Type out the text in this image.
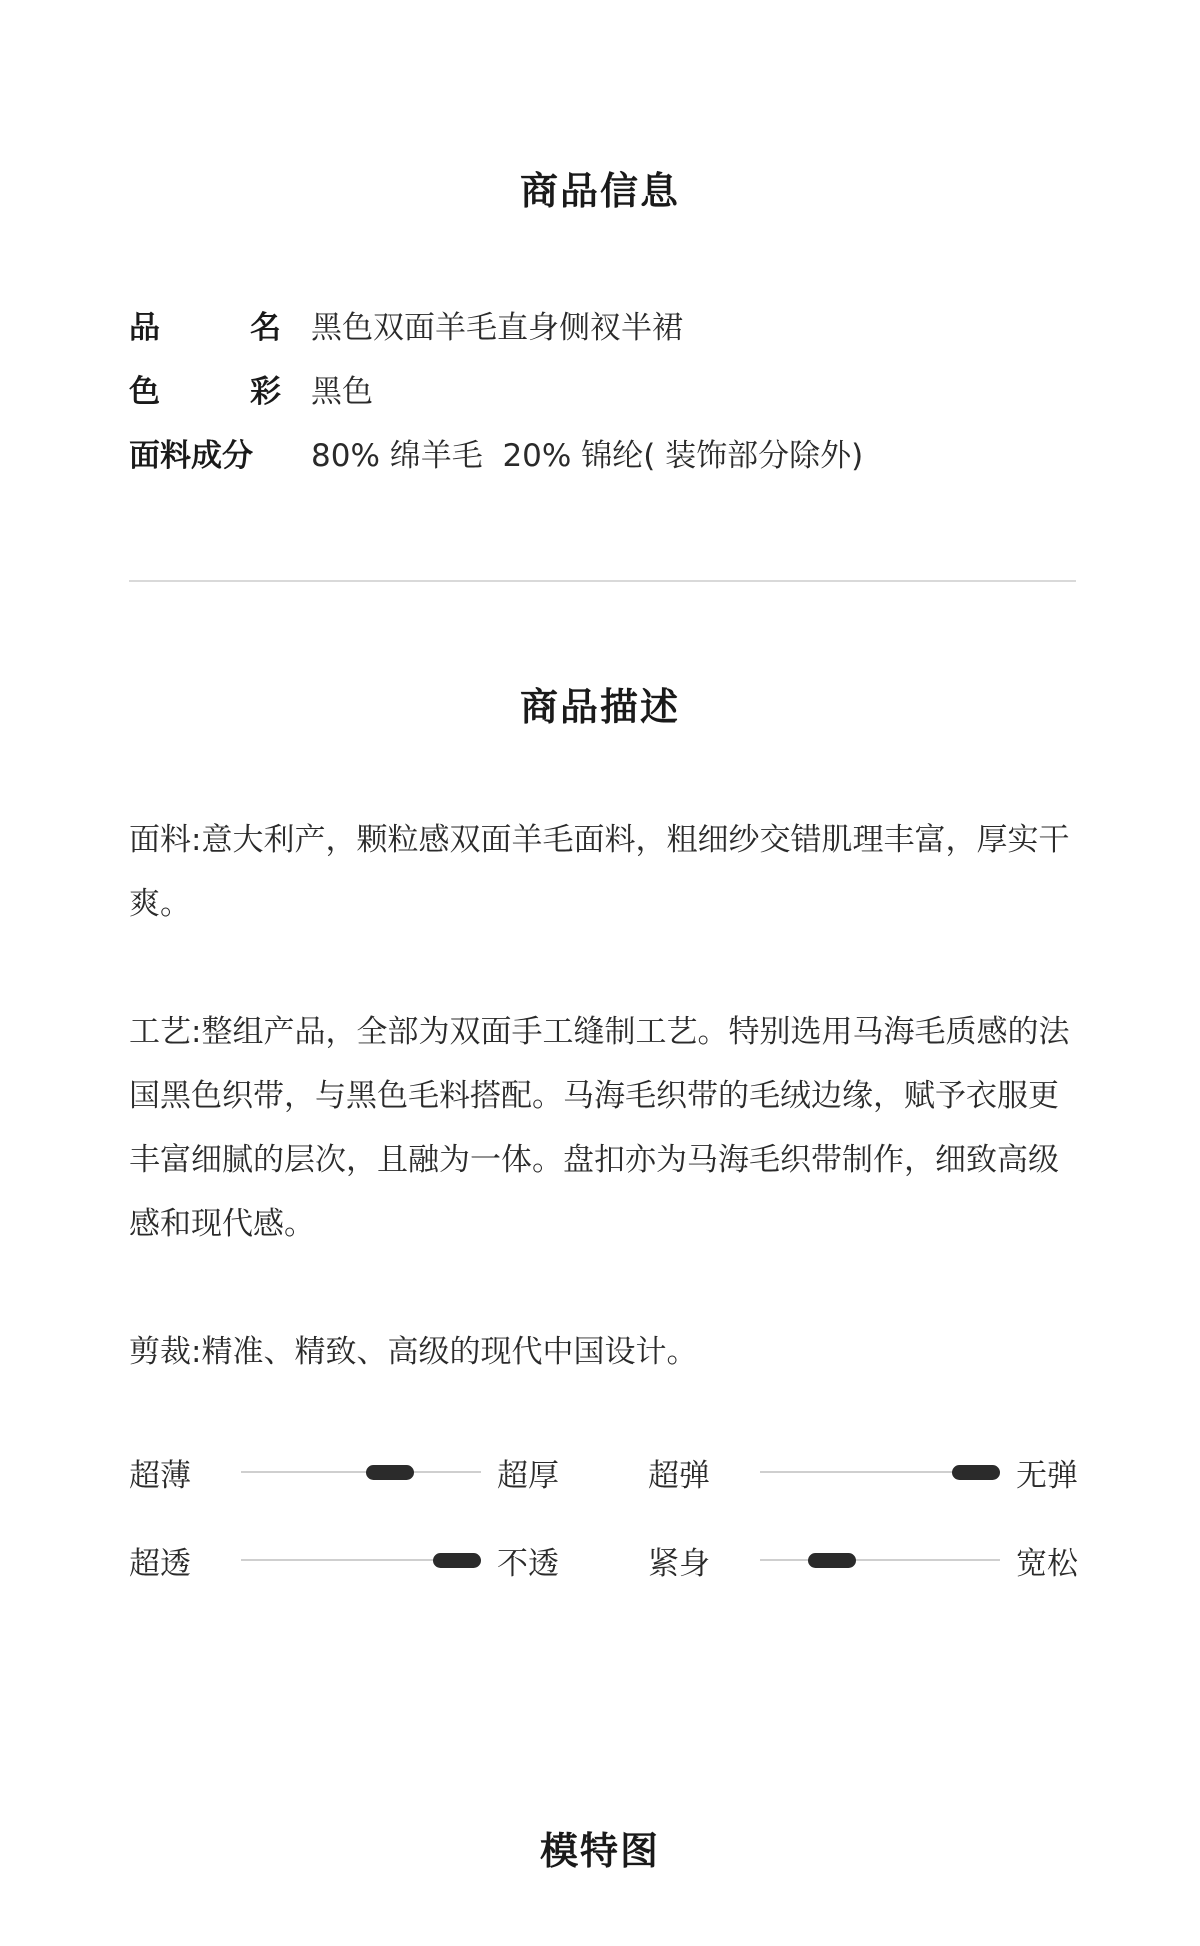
商品信息
品	名 黑色双面羊毛直身侧衩半裙
色	彩 黑色
面料成分	80% 绵羊毛  20% 锦纶( 装饰部分除外)
商品描述
面料:意大利产，颗粒感双面羊毛面料，粗细纱交错肌理丰富，厚实干爽。
工艺:整组产品，全部为双面手工缝制工艺。特别选用马海毛质感的法国黑色织带，与黑色毛料搭配。马海毛织带的毛绒边缘，赋予衣服更丰富细腻的层次，且融为一体。盘扣亦为马海毛织带制作，细致高级感和现代感。
剪裁:精准、精致、高级的现代中国设计。
超薄	超厚	超弹	无弹
超透	不透	紧身	宽松
模特图
